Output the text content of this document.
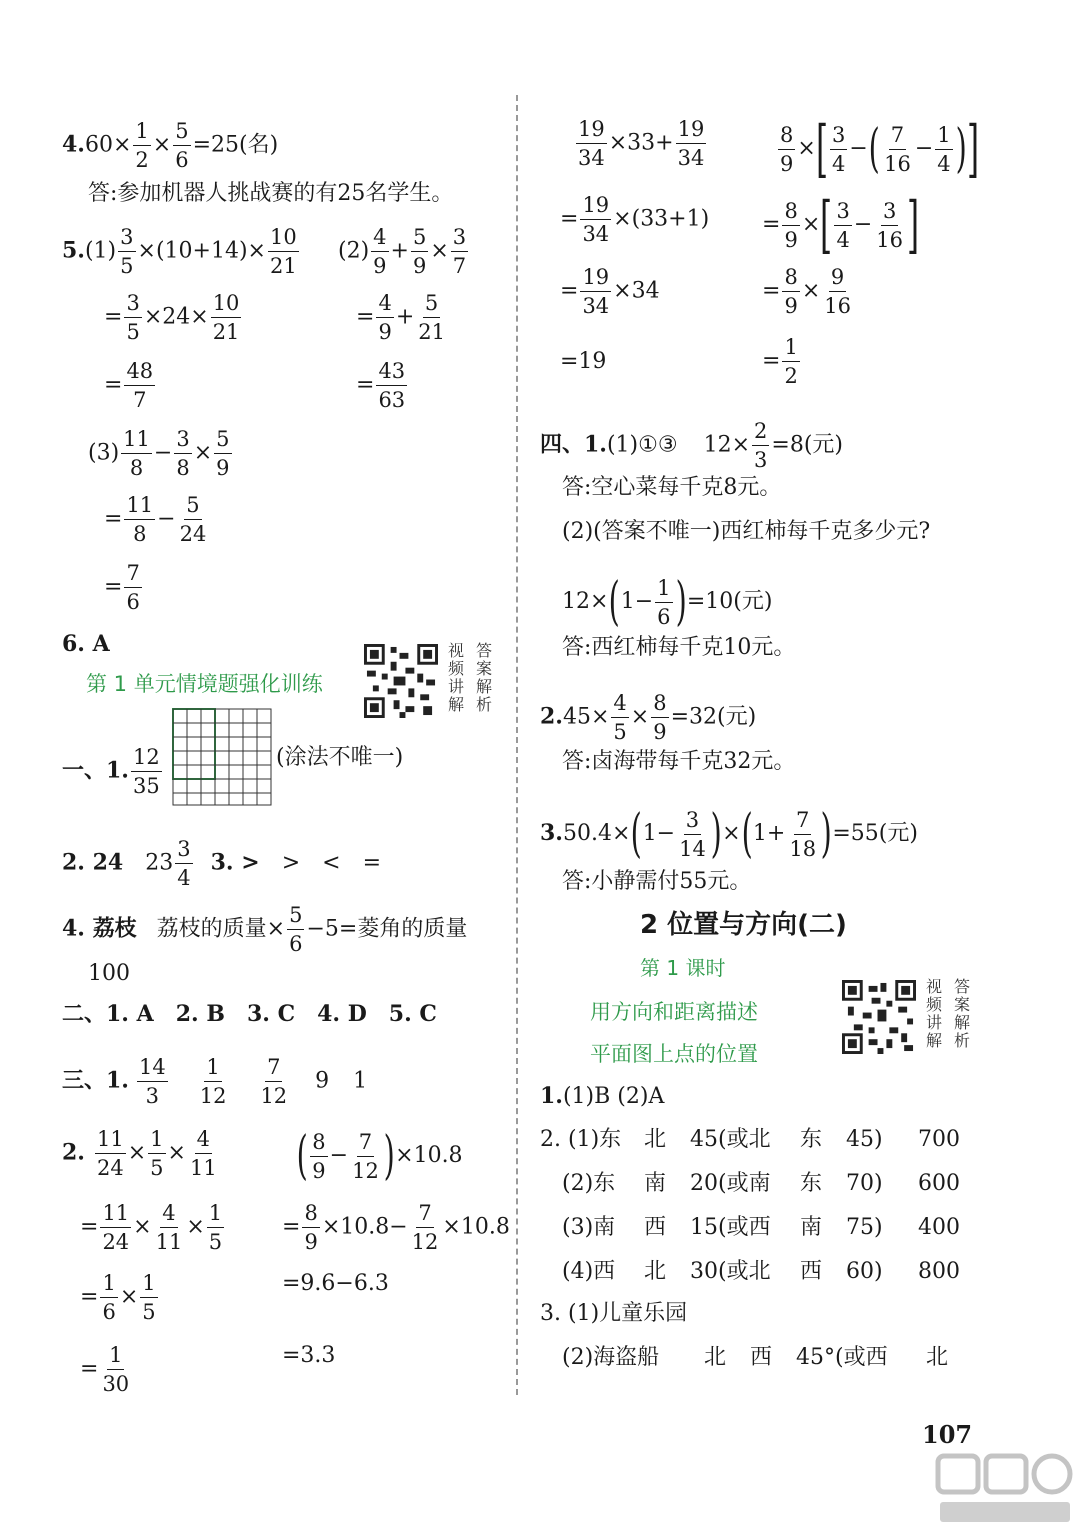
$4.60\times \frac{1}{2} \times \frac{5}{6} =25$(名)
答:参加机器人挑战赛的有25名学生。
$5.(1) \frac{3}{5} \times(10+14)\times \frac{10}{21}$
= $\frac{3}{5} \times 24\times \frac{10}{21}$
= $\frac{48}{7}$
$(2) \frac{4}{9} + \frac{5}{9} \times \frac{3}{7}$
= $\frac{4}{9} + \frac{5}{21}$
= $\frac{43}{63}$
$(3) \frac{11}{8} - \frac{3}{8} \times \frac{5}{9}$
= $\frac{11}{8} - \frac{5}{24}$
= $\frac{7}{6}$
6. A
第 1 单元情境题强化训练
视
频
讲
解
答
案
解
析
一、1. $\frac{12}{35}$	(涂法不唯一)
2. 24 $23 \frac{3}{4} 3$. > > < =
4. 荔枝 荔枝的质量× $\frac{5}{6} -5=$菱角的质量
100
二、1. A 2. B 3. C 4. D 5. C
三、1. $\frac{14}{3} \frac{1}{12} \frac{7}{12} 9$ 1
2. $\frac{11}{24} \times \frac{1}{5} \times \frac{4}{11}$
= $\frac{11}{24} \times \frac{4}{11} \times \frac{1}{5}$
= $\frac{1}{6} \times \frac{1}{5}$
= $\frac{1}{30}$
( $\frac{8}{9} - \frac{7}{12} )\times 10.8$
= $\frac{8}{9} \times 10.8- \frac{7}{12} \times 10.8$
=9.6−6.3
=3.3
$\frac{19}{34} \times 33+ \frac{19}{34}$
= $\frac{19}{34} \times(33+1)$
= $\frac{19}{34} \times 34$
=19
$\frac{8}{9}$ ×[ $\frac{3}{4}$ −( $\frac{7}{16} - \frac{1}{4}$ )]
= $\frac{8}{9}$ ×[ $\frac{3}{4} - \frac{3}{16}$ ]
= $\frac{8}{9} \times \frac{9}{16}$
= $\frac{1}{2}$
四、1.(1)①③ $12\times \frac{2}{3} =8$(元)
答:空心菜每千克8元。
(2)(答案不唯一)西红柿每千克多少元?
$12\times(1- \frac{1}{6} )=10$(元)
答:西红柿每千克10元。
$2.45\times \frac{4}{5} \times \frac{8}{9} =32$(元)
答:卤海带每千克32元。
$3.50.4\times(1- \frac{3}{14} )\times(1+ \frac{7}{18} )=55$(元)
答:小静需付55元。
2 位置与方向(二)
第 1 课时
用方向和距离描述
平面图上点的位置
视
频
讲
解
答
案
解
析
1.(1)B (2)A
2. (1)东 北 45(或北 东 45) 700
(2)东 南 20(或南 东 70) 600
(3)南 西 15(或西 南 75) 400
(4)西 北 30(或北 西 60) 800
3. (1)儿童乐园
(2)海盗船 北 西 45°(或西 北
107
